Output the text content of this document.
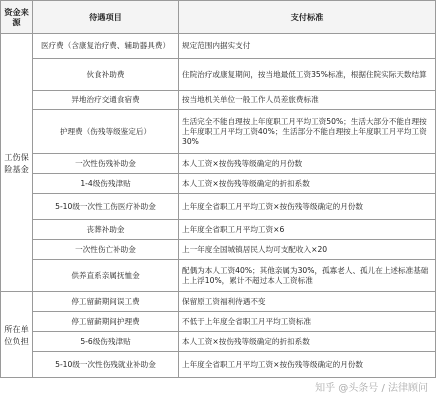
资金来源	待遇项目	支付标准
工伤保险基金	医疗费（含康复治疗费、辅助器具费）	规定范围内据实支付
	伙食补助费	住院治疗或康复期间，按当地最低工资35%标准，根据住院实际天数结算
	异地治疗交通食宿费	按当地机关单位一般工作人员差旅费标准
	护理费（伤残等级鉴定后）	生活完全不能自理按上年度职工月平均工资50%；生活大部分不能自理按上年度职工月平均工资40%；生活部分不能自理按上年度职工月平均工资30%
	一次性伤残补助金	本人工资×按伤残等级确定的月份数
	1-4级伤残津贴	本人工资×按伤残等级确定的折扣系数
	5-10级一次性工伤医疗补助金	上年度全省职工月平均工资×按伤残等级确定的月份数
	丧葬补助金	上年度全省职工月平均工资×6
	一次性伤亡补助金	上一年度全国城镇居民人均可支配收入×20
	供养直系亲属抚恤金	配偶为本人工资40%；其他亲属为30%，孤寡老人、孤儿在上述标准基础上上浮10%，累计不超过本人工资标准
所在单位负担	停工留薪期间误工费	保留原工资福利待遇不变
	停工留薪期间护理费	不低于上年度全省职工月平均工资标准
	5-6级伤残津贴	本人工资×按伤残等级确定的折扣系数
	5-10级一次性伤残就业补助金	上年度全省职工月平均工资×按伤残等级确定的月份数
知乎 @头条号 / 法律顾问
